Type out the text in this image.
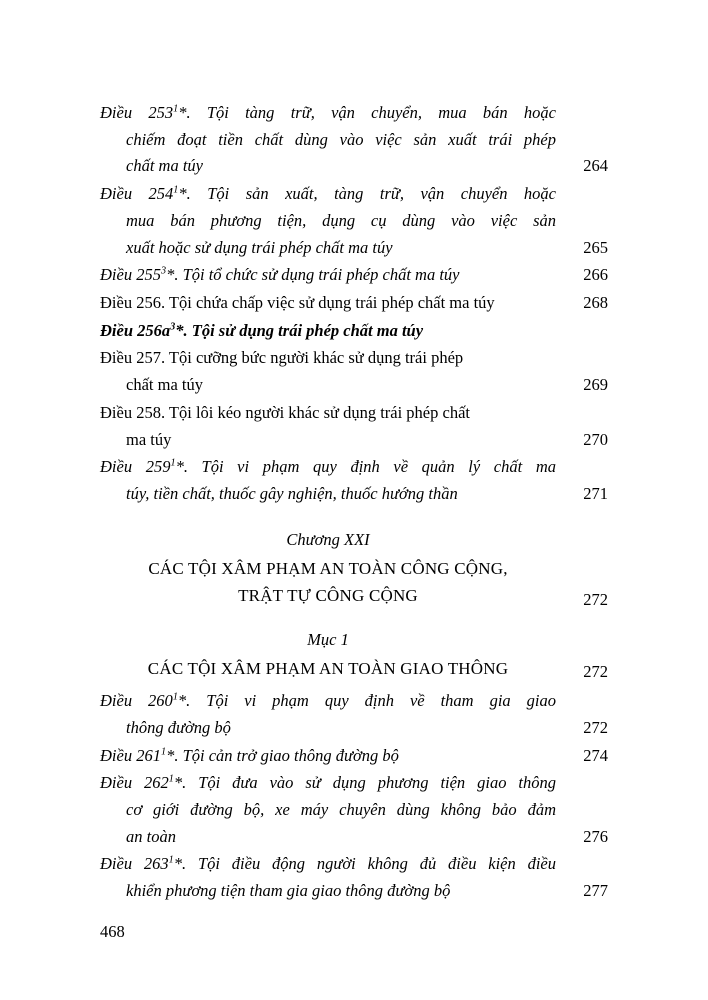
Điều $253^1*$. Tội tàng trữ, vận chuyển, mua bán hoặc
chiếm đoạt tiền chất dùng vào việc sản xuất trái phép
chất ma túy	264
Điều $254^1*$. Tội sản xuất, tàng trữ, vận chuyển hoặc
mua bán phương tiện, dụng cụ dùng vào việc sản
xuất hoặc sử dụng trái phép chất ma túy	265
Điều $255^3*$. Tội tổ chức sử dụng trái phép chất ma túy	266
Điều 256. Tội chứa chấp việc sử dụng trái phép chất ma túy	268
Điều $256a^3*$. Tội sử dụng trái phép chất ma túy
Điều 257. Tội cưỡng bức người khác sử dụng trái phép
chất ma túy	269
Điều 258. Tội lôi kéo người khác sử dụng trái phép chất
ma túy	270
Điều $259^1*$. Tội vi phạm quy định về quản lý chất ma
túy, tiền chất, thuốc gây nghiện, thuốc hướng thần	271
Chương XXI
CÁC TỘI XÂM PHẠM AN TOÀN CÔNG CỘNG,
TRẬT TỰ CÔNG CỘNG	272
Mục 1
CÁC TỘI XÂM PHẠM AN TOÀN GIAO THÔNG	272
Điều $260^1*$. Tội vi phạm quy định về tham gia giao
thông đường bộ	272
Điều $261^1*$. Tội cản trở giao thông đường bộ	274
Điều $262^1*$. Tội đưa vào sử dụng phương tiện giao thông
cơ giới đường bộ, xe máy chuyên dùng không bảo đảm
an toàn	276
Điều $263^1*$. Tội điều động người không đủ điều kiện điều
khiển phương tiện tham gia giao thông đường bộ	277
468
